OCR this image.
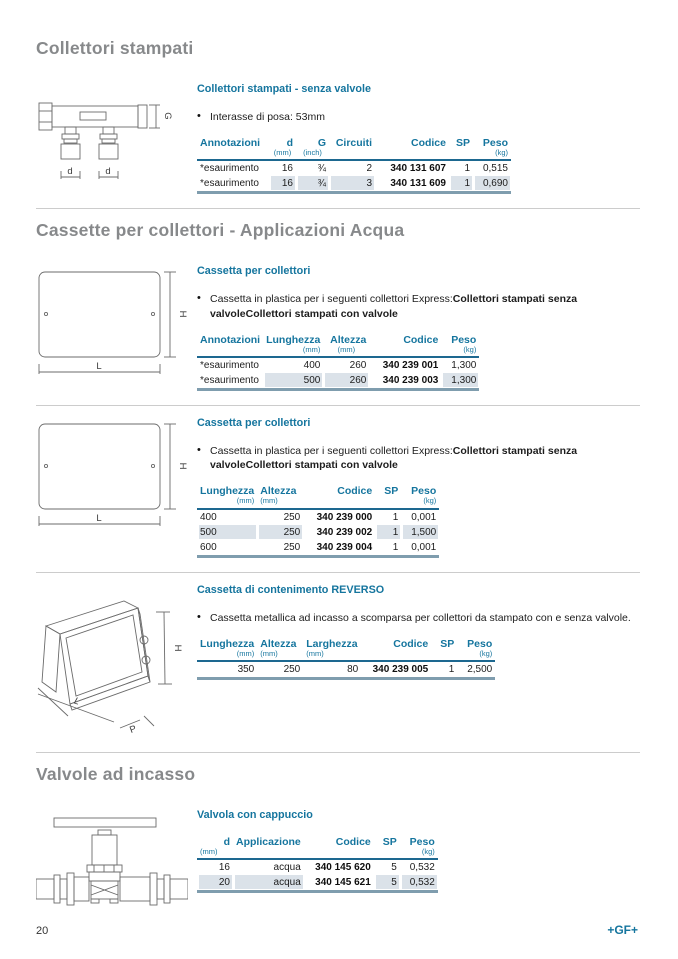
Collettori stampati
G
d	d
Collettori stampati - senza valvole
• Interasse di posa: 53mm
Annotazioni	d	G	Circuiti	Codice	SP	Peso
	(mm)	(inch)				(kg)
*esaurimento	16	¾	2	340 131 607	1	0,515
*esaurimento	16	¾	3	340 131 609	1	0,690
Cassette per collettori - Applicazioni Acqua
H
L
Cassetta per collettori
• Cassetta in plastica per i seguenti collettori Express:Collettori stampati senza valvoleCollettori stampati con valvole
Annotazioni	Lunghezza	Altezza	Codice	Peso
	(mm)	(mm)		(kg)
*esaurimento	400	260	340 239 001	1,300
*esaurimento	500	260	340 239 003	1,300
H
L
Cassetta per collettori
• Cassetta in plastica per i seguenti collettori Express:Collettori stampati senza valvoleCollettori stampati con valvole
Lunghezza	Altezza	Codice	SP	Peso
(mm)	(mm)			(kg)
400	250	340 239 000	1	0,001
500	250	340 239 002	1	1,500
600	250	340 239 004	1	0,001
H
L
P
Cassetta di contenimento REVERSO
• Cassetta metallica ad incasso a scomparsa per collettori da stampato con e senza valvole.
Lunghezza	Altezza	Larghezza	Codice	SP	Peso
(mm)	(mm)	(mm)			(kg)
350	250	80	340 239 005	1	2,500
Valvole ad incasso
Valvola con cappuccio
d	Applicazione	Codice	SP	Peso
(mm)				(kg)
16	acqua	340 145 620	5	0,532
20	acqua	340 145 621	5	0,532
20	+GF+
